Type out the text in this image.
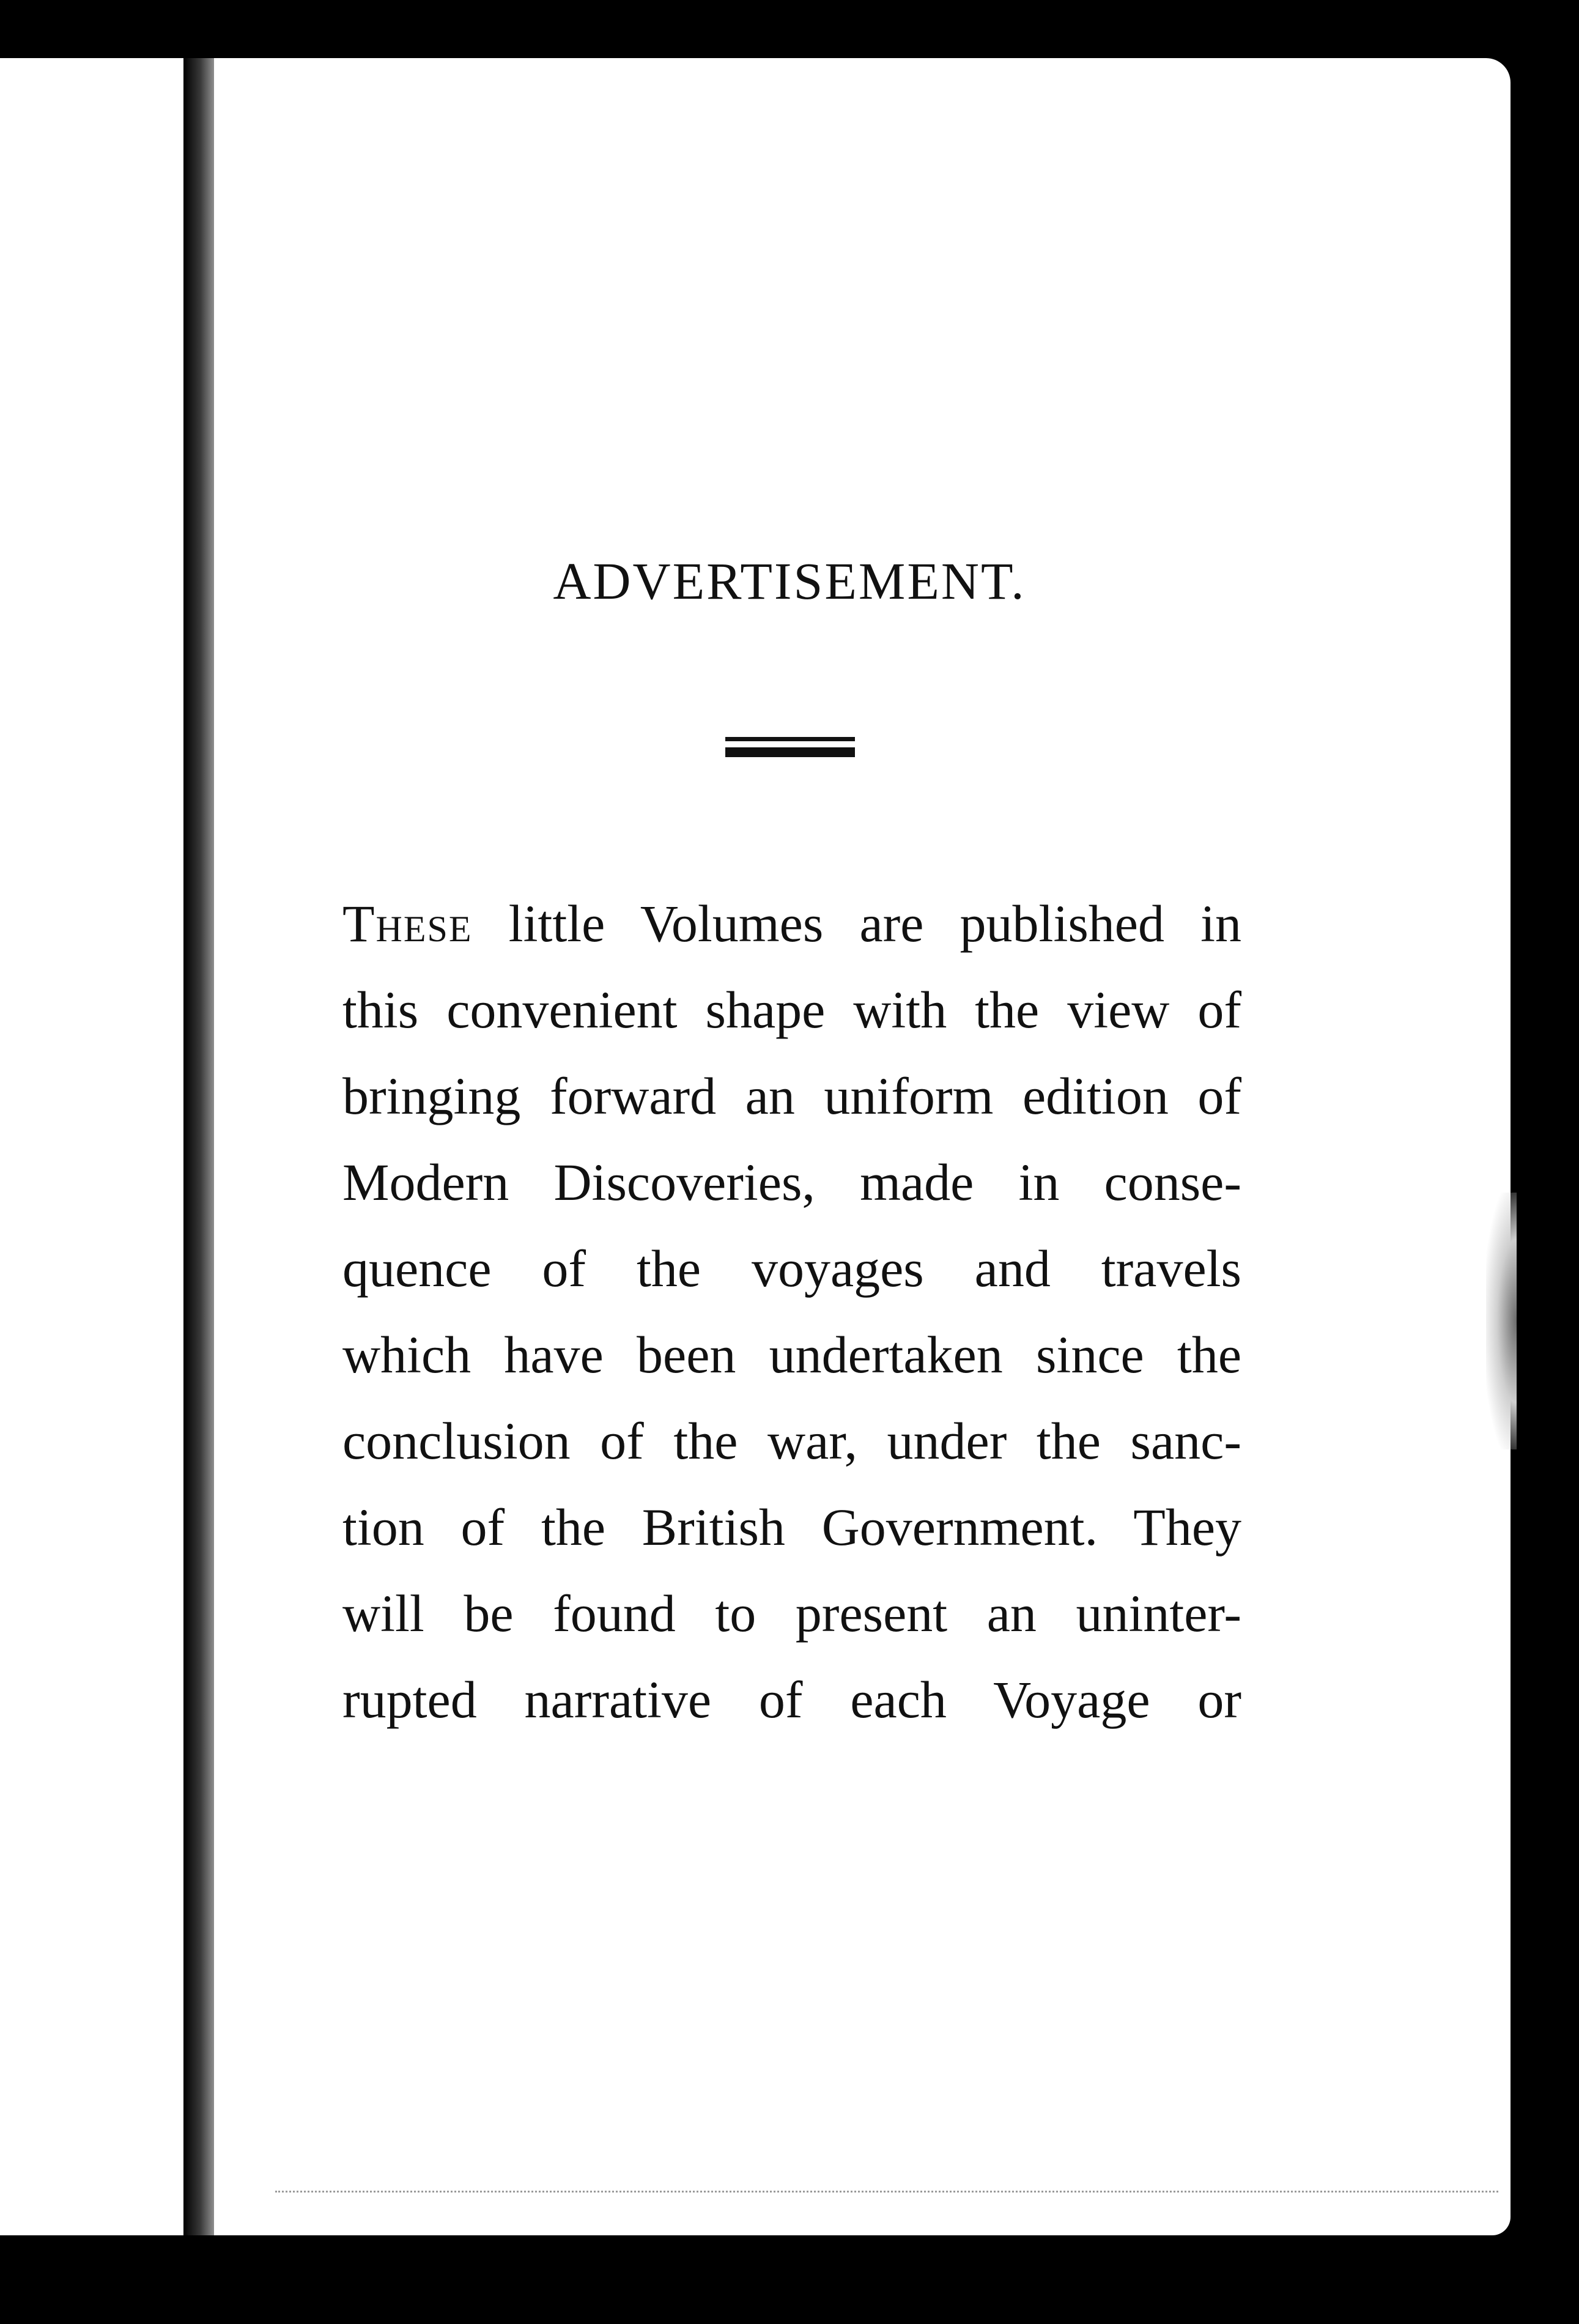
ADVERTISEMENT.
These little Volumes are published in
this convenient shape with the view of
bringing forward an uniform edition of
Modern Discoveries, made in conse-
quence of the voyages and travels
which have been undertaken since the
conclusion of the war, under the sanc-
tion of the British Government. They
will be found to present an uninter-
rupted narrative of each Voyage or
